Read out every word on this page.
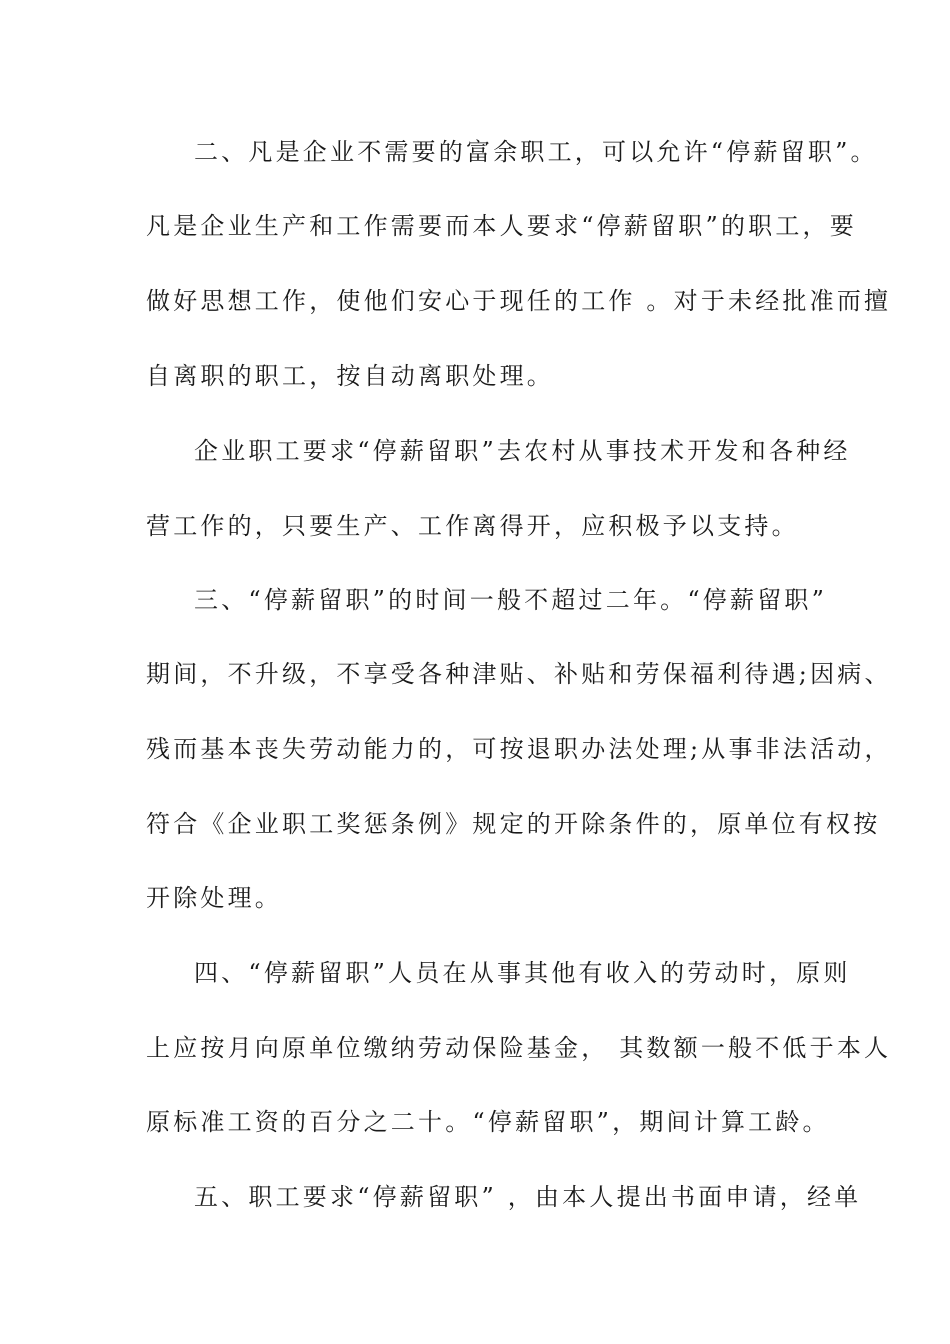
二、凡是企业不需要的富余职工，可以允许“停薪留职”。
凡是企业生产和工作需要而本人要求“停薪留职”的职工，要
做好思想工作，使他们安心于现任的工作 。对于未经批准而擅
自离职的职工，按自动离职处理。
企业职工要求“停薪留职”去农村从事技术开发和各种经
营工作的，只要生产、工作离得开，应积极予以支持。
三、“停薪留职”的时间一般不超过二年。“停薪留职”
期间，不升级，不享受各种津贴、补贴和劳保福利待遇;因病、
残而基本丧失劳动能力的，可按退职办法处理;从事非法活动，
符合《企业职工奖惩条例》规定的开除条件的，原单位有权按
开除处理。
四、“停薪留职”人员在从事其他有收入的劳动时，原则
上应按月向原单位缴纳劳动保险基金， 其数额一般不低于本人
原标准工资的百分之二十。“停薪留职”，期间计算工龄。
五、职工要求“停薪留职” ，由本人提出书面申请，经单
